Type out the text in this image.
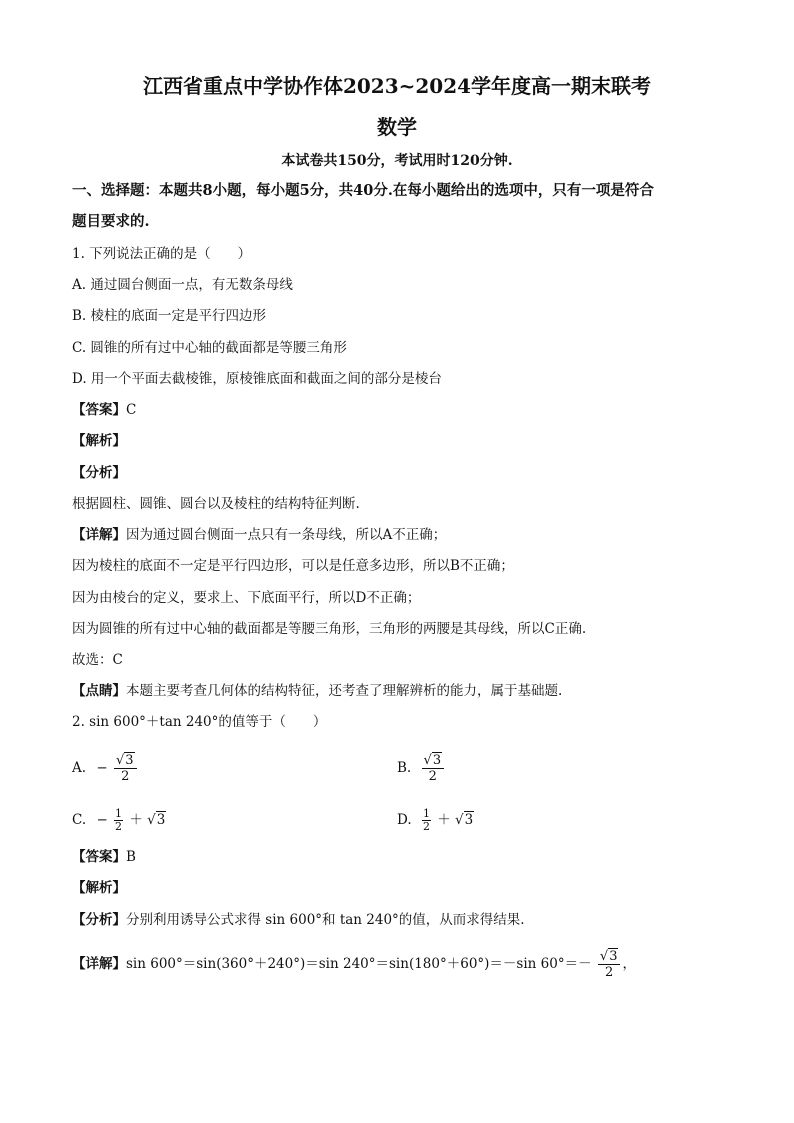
江西省重点中学协作体2023~2024学年度高一期末联考
数学
本试卷共150分，考试用时120分钟.
一、选择题：本题共8小题，每小题5分，共40分.在每小题给出的选项中，只有一项是符合
题目要求的.
1. 下列说法正确的是（　　）
A. 通过圆台侧面一点，有无数条母线
B. 棱柱的底面一定是平行四边形
C. 圆锥的所有过中心轴的截面都是等腰三角形
D. 用一个平面去截棱锥，原棱锥底面和截面之间的部分是棱台
【答案】C
【解析】
【分析】
根据圆柱、圆锥、圆台以及棱柱的结构特征判断.
【详解】因为通过圆台侧面一点只有一条母线，所以A不正确；
因为棱柱的底面不一定是平行四边形，可以是任意多边形，所以B不正确；
因为由棱台的定义，要求上、下底面平行，所以D不正确；
因为圆锥的所有过中心轴的截面都是等腰三角形，三角形的两腰是其母线，所以C正确.
故选：C
【点睛】本题主要考查几何体的结构特征，还考查了理解辨析的能力，属于基础题.
2. sin 600°＋tan 240°的值等于（　　）
A. − $\frac{√3}{2}$	B. $\frac{√3}{2}$
C. − $\frac{1}{2} + √3$	D. $\frac{1}{2} + √3$
【答案】B
【解析】
【分析】分别利用诱导公式求得 sin 600°和 tan 240°的值，从而求得结果.
【详解】sin 600°＝sin(360°＋240°)＝sin 240°＝sin(180°＋60°)＝－sin $60^\circ=- \frac{√3}{2}$ ，
